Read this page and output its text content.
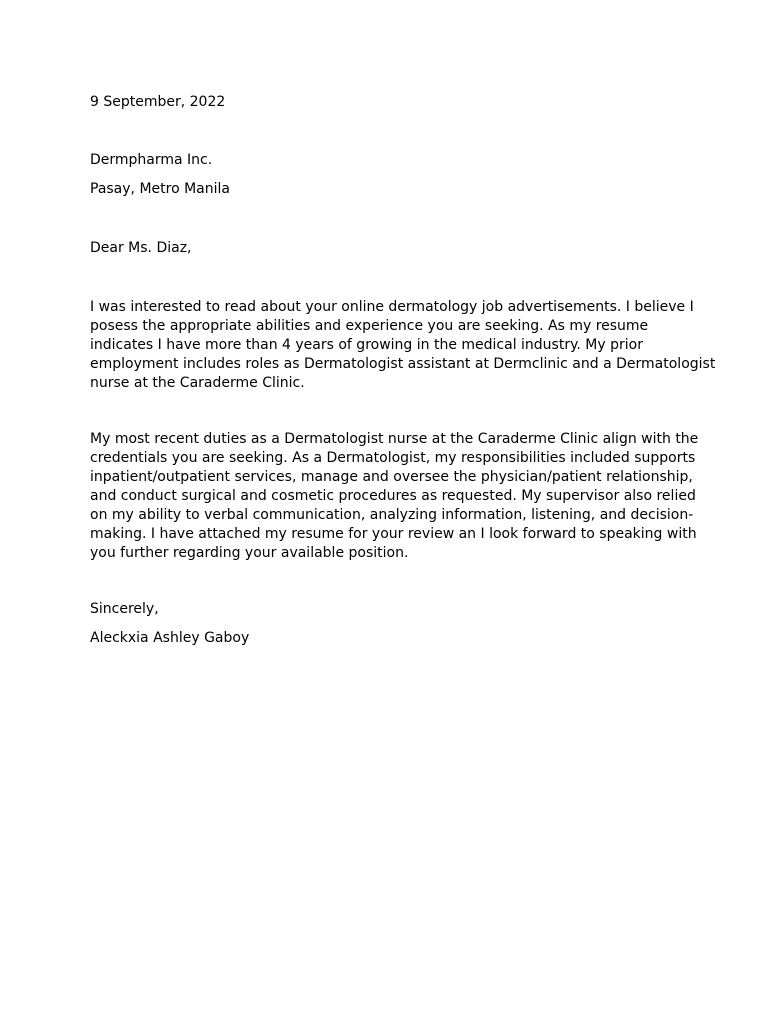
9 September, 2022
Dermpharma Inc.
Pasay, Metro Manila
Dear Ms. Diaz,
I was interested to read about your online dermatology job advertisements. I believe I
posess the appropriate abilities and experience you are seeking. As my resume
indicates I have more than 4 years of growing in the medical industry. My prior
employment includes roles as Dermatologist assistant at Dermclinic and a Dermatologist
nurse at the Caraderme Clinic.
My most recent duties as a Dermatologist nurse at the Caraderme Clinic align with the
credentials you are seeking. As a Dermatologist, my responsibilities included supports
inpatient/outpatient services, manage and oversee the physician/patient relationship,
and conduct surgical and cosmetic procedures as requested. My supervisor also relied
on my ability to verbal communication, analyzing information, listening, and decision-
making. I have attached my resume for your review an I look forward to speaking with
you further regarding your available position.
Sincerely,
Aleckxia Ashley Gaboy
